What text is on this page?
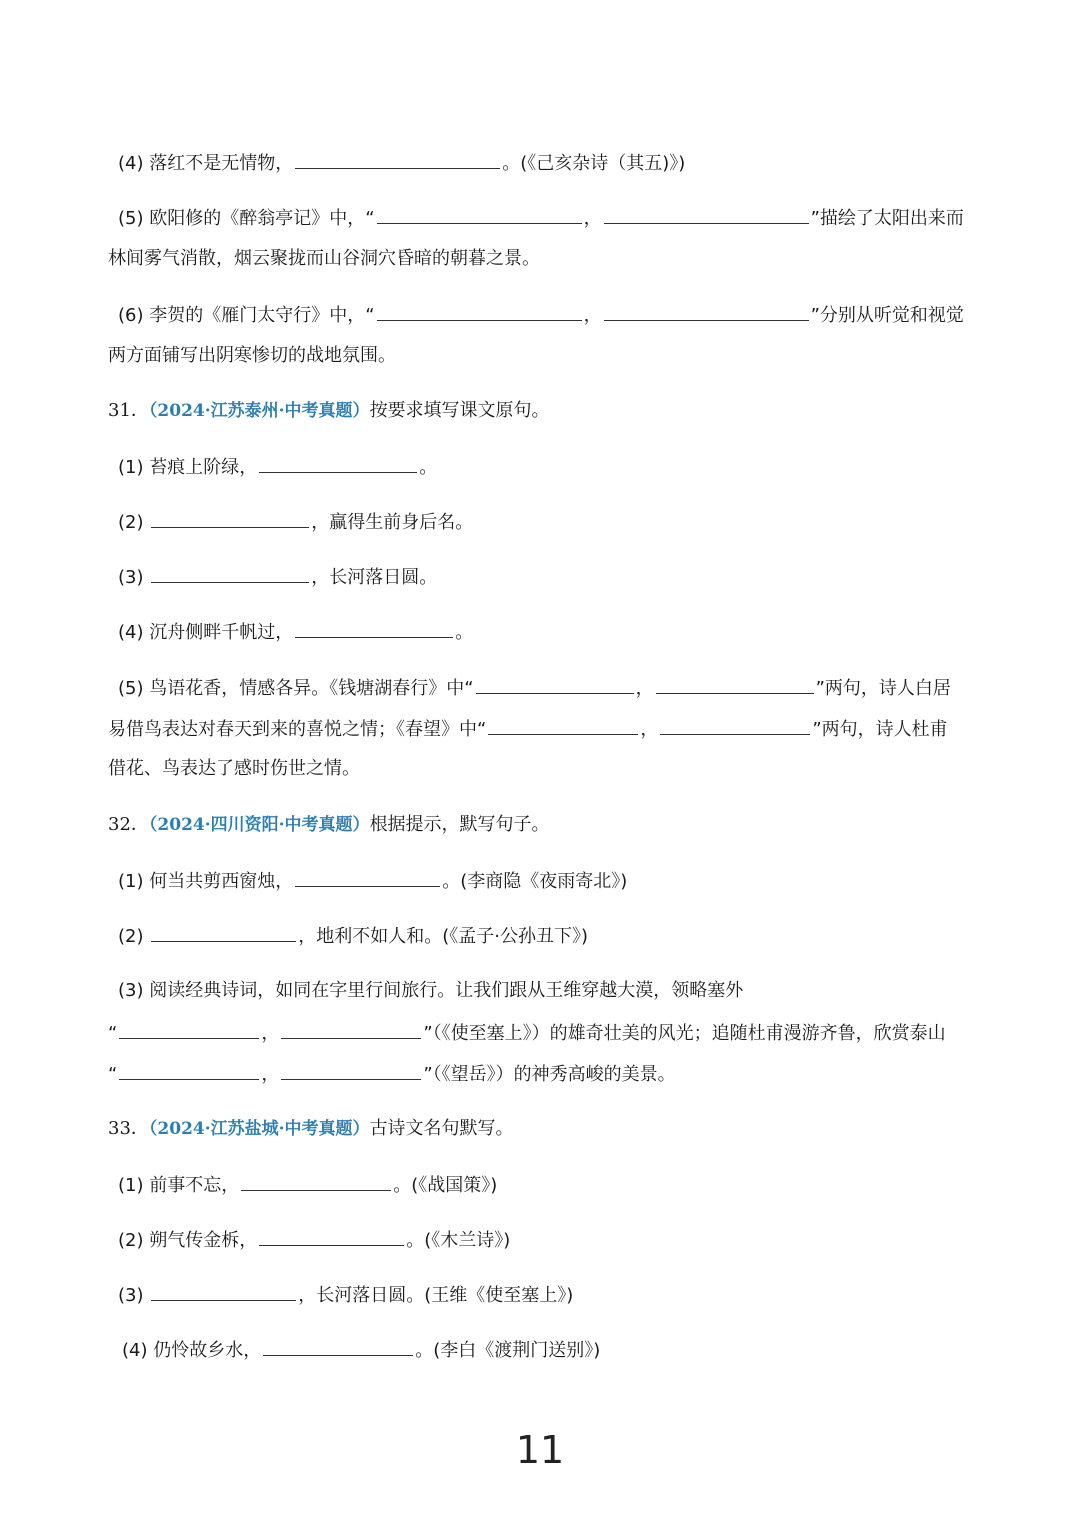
(4) 落红不是无情物，	。(《己亥杂诗（其五)》)
(5) 欧阳修的《醉翁亭记》中，“	，	”描绘了太阳出来而
林间雾气消散，烟云聚拢而山谷洞穴昏暗的朝暮之景。
(6) 李贺的《雁门太守行》中，“	，	”分别从听觉和视觉
两方面铺写出阴寒惨切的战地氛围。
31．（2024·江苏泰州·中考真题）按要求填写课文原句。
(1) 苔痕上阶绿，	。
(2)	，赢得生前身后名。
(3)	，长河落日圆。
(4) 沉舟侧畔千帆过，	。
(5) 鸟语花香，情感各异。《钱塘湖春行》中“	，	”两句，诗人白居
易借鸟表达对春天到来的喜悦之情；《春望》中“	，	”两句，诗人杜甫
借花、鸟表达了感时伤世之情。
32．（2024·四川资阳·中考真题）根据提示，默写句子。
(1) 何当共剪西窗烛，	。(李商隐《夜雨寄北》)
(2)	，地利不如人和。(《孟子·公孙丑下》)
(3) 阅读经典诗词，如同在字里行间旅行。让我们跟从王维穿越大漠，领略塞外
“	，	”（《使至塞上》）的雄奇壮美的风光；追随杜甫漫游齐鲁，欣赏泰山
“	，	”（《望岳》）的神秀高峻的美景。
33．（2024·江苏盐城·中考真题）古诗文名句默写。
(1) 前事不忘，	。(《战国策》)
(2) 朔气传金柝，	。(《木兰诗》)
(3)	，长河落日圆。(王维《使至塞上》)
(4) 仍怜故乡水，	。(李白《渡荆门送别》)
11
